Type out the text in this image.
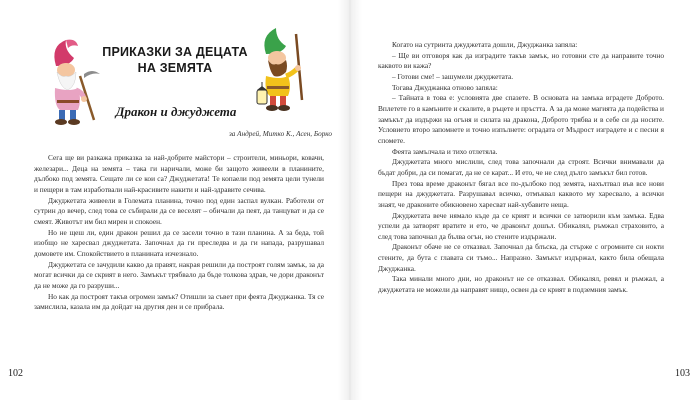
ПРИКАЗКИ ЗА ДЕЦАТА
НА ЗЕМЯТА
Дракон и джуджета
за Андрей, Митко К., Асен, Борко

Сега ще ви разкажа приказка за най-добрите майстори – строители, миньори, ковачи, железари... Деца на земята – така ги наричали, може би защото живеели в планините, дълбоко под земята. Сещате ли се кои са? Джуджетата! Те копаели под земята цели тунели и пещери в там изработвали най-красивите накити и най-здравите сечива.

Джуджетата живеели в Големата планина, точно под един заспал вулкан. Работели от сутрин до вечер, след това се събирали да се веселят – обичали да пеят, да танцуват и да се смеят. Животът им бил мирен и спокоен.

Но не щеш ли, един дракон решил да се засели точно в тази планина. А за беда, той изобщо не харесвал джуджетата. Започнал да ги преследва и да ги напада, разрушавал домовете им. Спокойствието в планината изчезнало.

Джуджетата се зачудили какво да правят, накрая решили да построят голям замък, за да могат всички да се скрият в него. Замъкът трябвало да бъде толкова здрав, че дори драконът да не може да го разруши...

Но как да построят такъв огромен замък? Отишли за съвет при феята Джуджанка. Тя се замислила, казала им да дойдат на другия ден и се прибрала.

102

Когато на сутринта джуджетата дошли, Джуджанка запяла:

– Ще ви отговоря как да изградите такъв замък, но готовни сте да направите точно каквото ви кажа?

– Готови сме! – зашумели джуджетата.

Тогава Джуджанка отново запяла:

– Тайната в това е: условията две спазете. В основата на замъка вградете Доброто. Вплетете го в камъните и скалите, в ръцете и пръстта. А за да може магията да подейства и замъкът да издържи на огъня и силата на дракона, Доброто трябва и в себе си да носите. Условието второ запомнете и точно изпълнете: оградата от Мъдрост изградете и с песни я спомете.

Феята замълчала и тихо отлетяла.

Джуджетата много мислили, след това започнали да строят. Всички внимавали да бъдат добри, да си помагат, да не се карат... И ето, че не след дълго замъкът бил готов.

През това време драконът бягал все по-дълбоко под земята, нахълтвал във все нови пещери на джуджетата. Разрушавал всичко, отмъквал каквото му харесвало, а всички знаят, че драконите обикновено харесват най-хубавите неща.

Джуджетата вече нямало къде да се крият и всички се затворили към замъка. Едва успели да затворят вратите и ето, че драконът дошъл. Обикалял, ръмжал страховито, а след това започнал да бълва огън, но стените издържали.

Драконът обаче не се отказвал. Започнал да блъска, да стържe с огромните си нокти стените, да бута с главата си тъмо... Напразно. Замъкът издържал, както била обещала Джуджанка.

Така минали много дни, но драконът не се отказвал. Обикалял, ревял и ръмжал, а джуджетата не можели да направят нищо, освен да се крият в подземния замък.

103
